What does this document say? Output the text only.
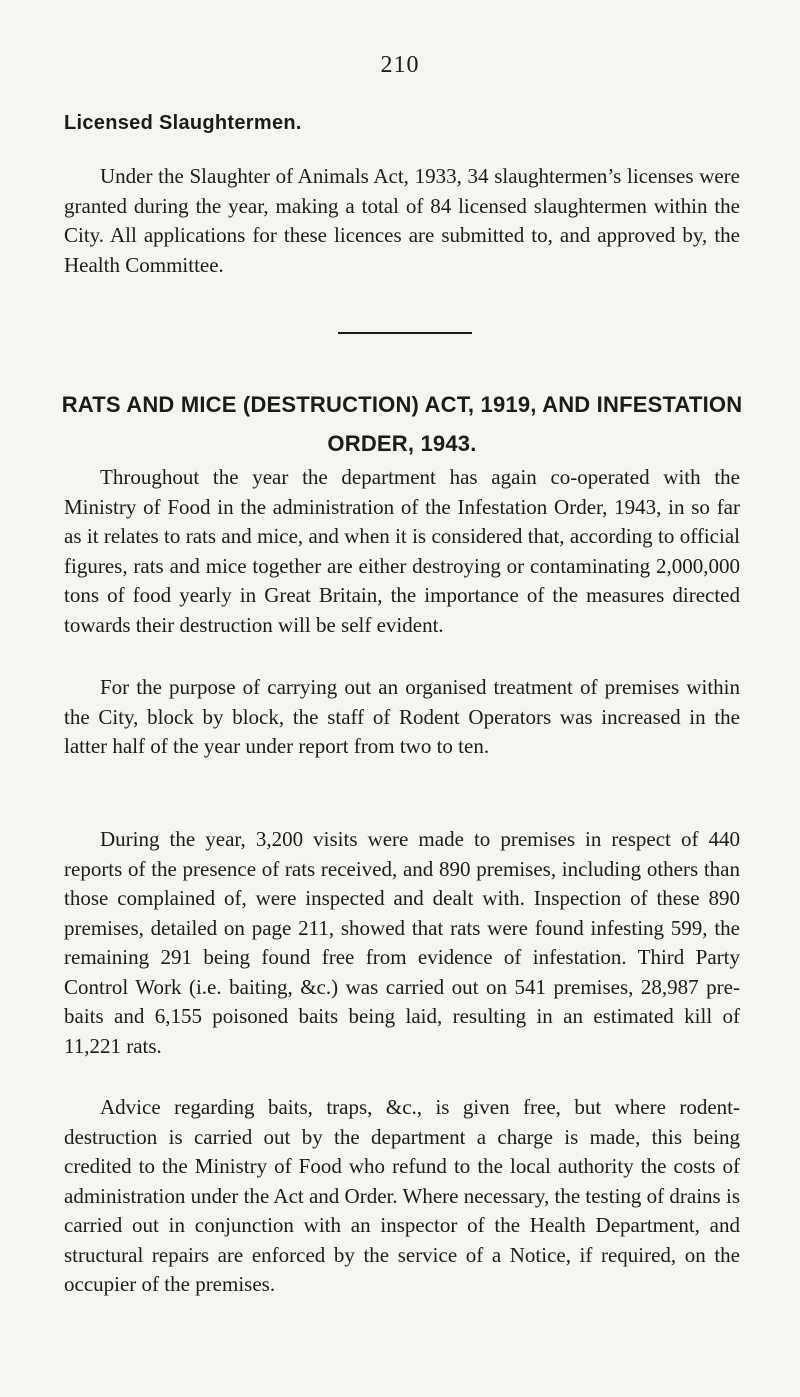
210
Licensed Slaughtermen.

Under the Slaughter of Animals Act, 1933, 34 slaughtermen’s licenses were granted during the year, making a total of 84 licensed slaughtermen within the City. All applications for these licences are submitted to, and approved by, the Health Committee.

RATS AND MICE (DESTRUCTION) ACT, 1919, AND INFESTATION
ORDER, 1943.

Throughout the year the department has again co-operated with the Ministry of Food in the administration of the Infestation Order, 1943, in so far as it relates to rats and mice, and when it is considered that, according to official figures, rats and mice together are either destroying or contaminating 2,000,000 tons of food yearly in Great Britain, the importance of the measures directed towards their destruction will be self evident.

For the purpose of carrying out an organised treatment of premises within the City, block by block, the staff of Rodent Operators was increased in the latter half of the year under report from two to ten.

During the year, 3,200 visits were made to premises in respect of 440 reports of the presence of rats received, and 890 premises, including others than those complained of, were inspected and dealt with. Inspection of these 890 premises, detailed on page 211, showed that rats were found infesting 599, the remaining 291 being found free from evidence of infestation. Third Party Control Work (i.e. baiting, &c.) was carried out on 541 premises, 28,987 pre-baits and 6,155 poisoned baits being laid, resulting in an estimated kill of 11,221 rats.

Advice regarding baits, traps, &c., is given free, but where rodent-destruction is carried out by the department a charge is made, this being credited to the Ministry of Food who refund to the local authority the costs of administration under the Act and Order. Where necessary, the testing of drains is carried out in conjunction with an inspector of the Health Department, and structural repairs are enforced by the service of a Notice, if required, on the occupier of the premises.
